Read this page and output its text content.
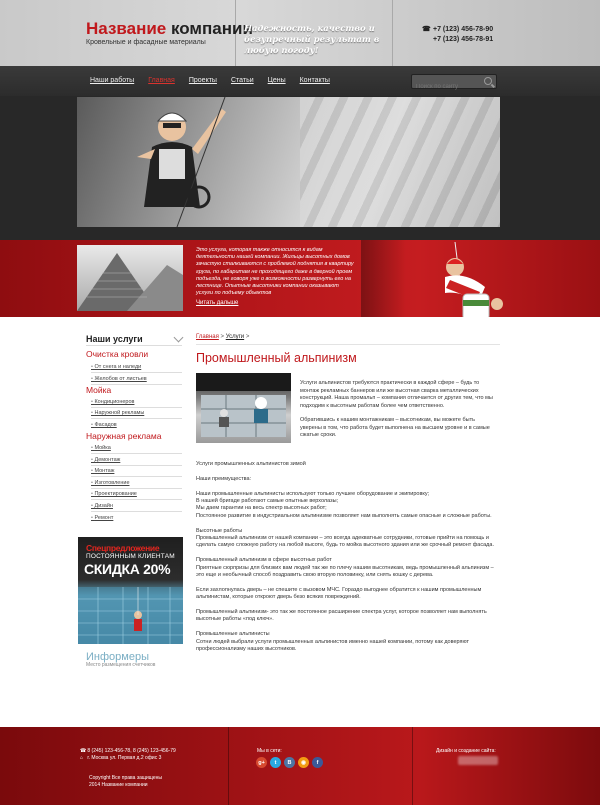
Название компании
Кровельные и фасадные материалы
Надежность, качество и безупречный результат в любую погоду!
☎ +7 (123) 456-78-90
+7 (123) 456-78-91
Наши работы Главная Проекты Статьи Цены Контакты
Поиск по сайту
Это услуга, которая также относится к видам деятельности нашей компании. Жильцы высотных домов зачастую сталкиваются с проблемой поднятия в квартиру груза, по габаритам не проходящего даже в дверной проем подъезда, не говоря уже о возможности развернуть его на лестнице. Опытные высотники компании оказывают услуги по подъему объектов
Читать дальше
Наши услуги
Очистка кровли
• От снега и наледи
• Желобов от листьев
Мойка
• Кондиционеров
• Наружной рекламы
• Фасадов
Наружная реклама
• Мойка
• Демонтаж
• Монтаж
• Изготовление
• Проектирование
• Дизайн
• Ремонт
Спецпредложение
ПОСТОЯННЫМ КЛИЕНТАМ
СКИДКА 20%
Информеры
Место размещения счетчиков
Главная > Услуги >
Промышленный альпинизм

Услуги альпинистов требуются практически в каждой сфере – будь то монтаж рекламных баннеров или же высотная сварка металлических конструкций. Наша промальп – компания отличается от других тем, что мы подходим к высотным работам более чем ответственно.

Обратившись к нашим монтажникам – высотникам, вы можете быть уверены в том, что работа будет выполнена на высшем уровне и в самые сжатые сроки.

Услуги промышленных альпинистов зимой

Наши преимущества:

Наши промышленные альпинисты используют только лучшее оборудование и экипировку;
В нашей бригаде работают самые опытные верхолазы;
Мы даем гарантии на весь спектр высотных работ;
Постоянное развитие в индустриальном альпинизме позволяет нам выполнять самые опасные и сложные работы.

Высотные работы
Промышленный альпинизм от нашей компании – это всегда адекватные сотрудники, готовые прийти на помощь и сделать самую сложную работу на любой высоте, будь то мойка высотного здания или же срочный ремонт фасада.

Промышленный альпинизм в сфере высотных работ
Приятные сюрпризы для близких вам людей так же по плечу нашим высотникам, ведь промышленный альпинизм – это еще и необычный способ поздравить свою вторую половинку, или снять кошку с дерева.

Если захлопнулась дверь – не спешите с вызовом МЧС. Гораздо выгоднее обратится к нашим промышленным альпинистам, которые откроют дверь безо всяких повреждений.

Промышленный альпинизм- это так же постоянное расширение спектра услуг, которое позволяет нам выполнять высотные работы «под ключ».

Промышленные альпинисты
Сотни людей выбрали услуги промышленных альпинистов именно нашей компании, потому как доверяют профессионализму наших высотников.

☎ 8 (245) 123-456-78, 8 (245) 123-456-79
⌂ г. Москва ул. Первая д.2 офис 3
Copyright Все права защищены
2014 Название компании
Мы в сети:
g+	t	В	◉	f
Дизайн и создание сайта:
